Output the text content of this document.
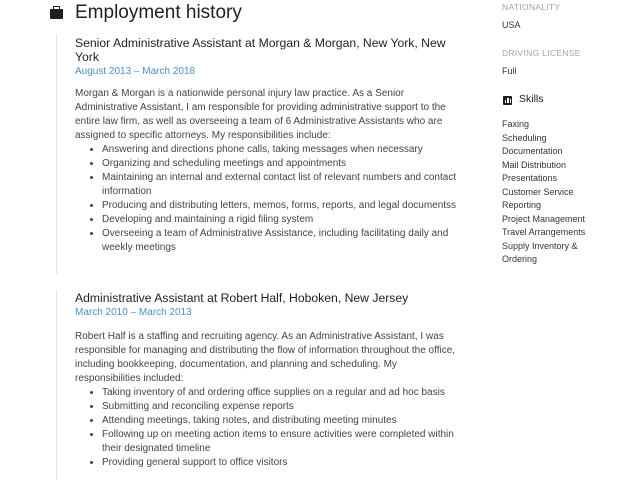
Employment history
Senior Administrative Assistant at Morgan & Morgan, New York, New York

August 2013 – March 2018

Morgan & Morgan is a nationwide personal injury law practice. As a Senior Administrative Assistant, I am responsible for providing administrative support to the entire law firm, as well as overseeing a team of 6 Administrative Assistants who are assigned to specific attorneys. My responsibilities include:

• Answering and directions phone calls, taking messages when necessary
• Organizing and scheduling meetings and appointments
• Maintaining an internal and external contact list of relevant numbers and contact information
• Producing and distributing letters, memos, forms, reports, and legal documentss
• Developing and maintaining a rigid filing system
• Overseeing a team of Administrative Assistance, including facilitating daily and weekly meetings
Administrative Assistant at Robert Half, Hoboken, New Jersey

March 2010 – March 2013

Robert Half is a staffing and recruiting agency. As an Administrative Assistant, I was responsible for managing and distributing the flow of information throughout the office, including bookkeeping, documentation, and planning and scheduling. My responsibilities included:

• Taking inventory of and ordering office supplies on a regular and ad hoc basis
• Submitting and reconciling expense reports
• Attending meetings, taking notes, and distributing meeting minutes
• Following up on meeting action items to ensure activities were completed within their designated timeline
• Providing general support to office visitors

NATIONALITY

USA

DRIVING LICENSE

Full

Skills
Faxing
Scheduling
Documentation
Mail Distribution
Presentations
Customer Service
Reporting
Project Management
Travel Arrangements
Supply Inventory & Ordering
